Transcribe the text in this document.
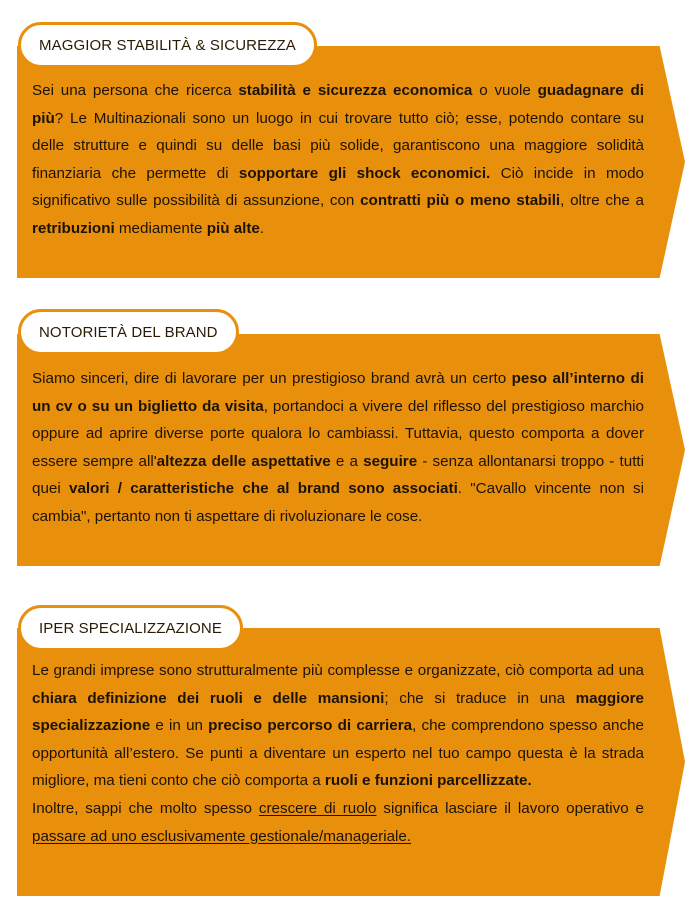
MAGGIOR STABILITÀ & SICUREZZA
Sei una persona che ricerca stabilità e sicurezza economica o vuole guadagnare di più? Le Multinazionali sono un luogo in cui trovare tutto ciò; esse, potendo contare su delle strutture e quindi su delle basi più solide, garantiscono una maggiore solidità finanziaria che permette di sopportare gli shock economici. Ciò incide in modo significativo sulle possibilità di assunzione, con contratti più o meno stabili, oltre che a retribuzioni mediamente più alte.
NOTORIETÀ DEL BRAND
Siamo sinceri, dire di lavorare per un prestigioso brand avrà un certo peso all’interno di un cv o su un biglietto da visita, portandoci a vivere del riflesso del prestigioso marchio oppure ad aprire diverse porte qualora lo cambiassi. Tuttavia, questo comporta a dover essere sempre all'altezza delle aspettative e a seguire - senza allontanarsi troppo - tutti quei valori / caratteristiche che al brand sono associati. "Cavallo vincente non si cambia", pertanto non ti aspettare di rivoluzionare le cose.
IPER SPECIALIZZAZIONE
Le grandi imprese sono strutturalmente più complesse e organizzate, ciò comporta ad una chiara definizione dei ruoli e delle mansioni; che si traduce in una maggiore specializzazione e in un preciso percorso di carriera, che comprendono spesso anche opportunità all’estero. Se punti a diventare un esperto nel tuo campo questa è la strada migliore, ma tieni conto che ciò comporta a ruoli e funzioni parcellizzate.
Inoltre, sappi che molto spesso crescere di ruolo significa lasciare il lavoro operativo e passare ad uno esclusivamente gestionale/manageriale.
